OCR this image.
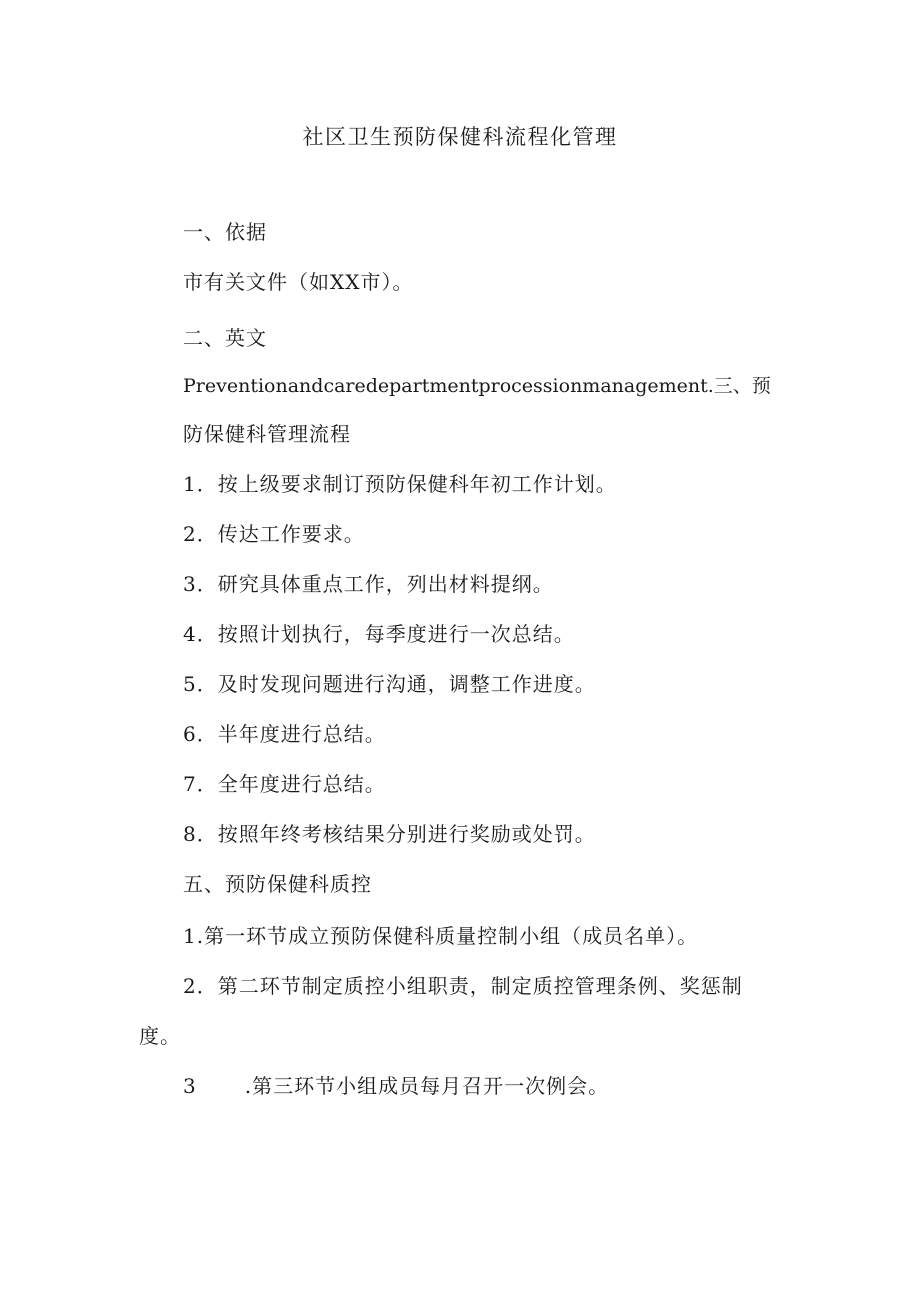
社区卫生预防保健科流程化管理
一、依据
市有关文件（如XX市）。
二、英文
Preventionandcaredepartmentprocessionmanagement.三、预
防保健科管理流程
1．按上级要求制订预防保健科年初工作计划。
2．传达工作要求。
3．研究具体重点工作，列出材料提纲。
4．按照计划执行，每季度进行一次总结。
5．及时发现问题进行沟通，调整工作进度。
6．半年度进行总结。
7．全年度进行总结。
8．按照年终考核结果分别进行奖励或处罚。
五、预防保健科质控
1.第一环节成立预防保健科质量控制小组（成员名单）。
2．第二环节制定质控小组职责，制定质控管理条例、奖惩制
度。
3 .第三环节小组成员每月召开一次例会。
